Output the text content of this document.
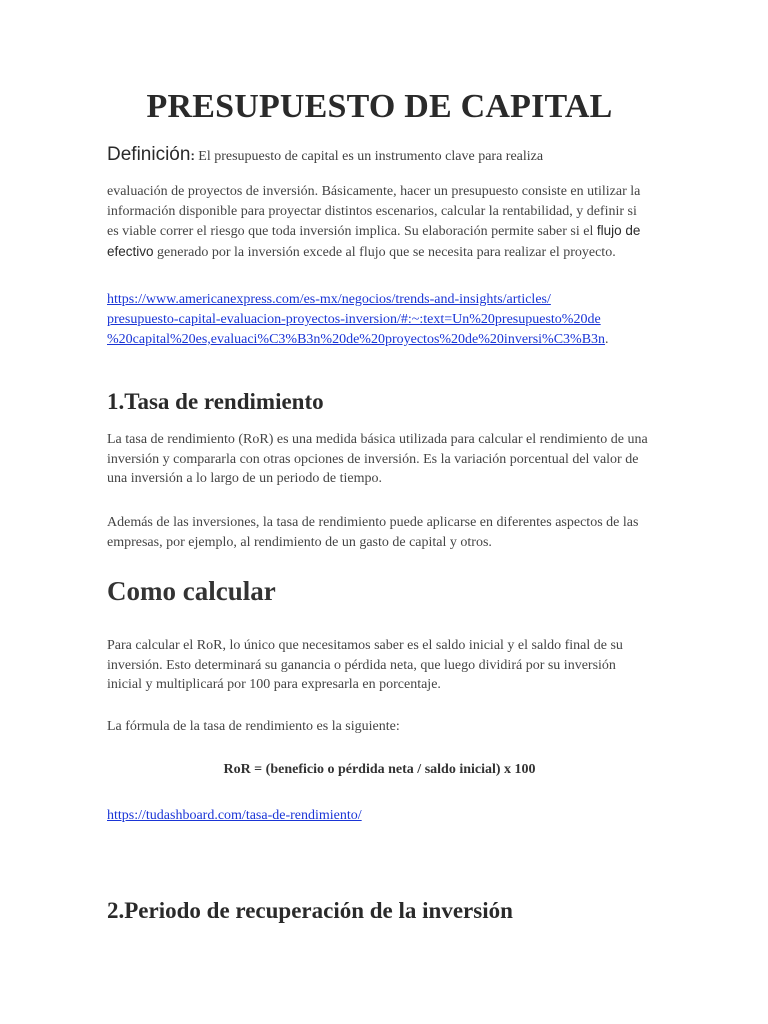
PRESUPUESTO DE CAPITAL
Definición: El presupuesto de capital es un instrumento clave para realiza

evaluación de proyectos de inversión. Básicamente, hacer un presupuesto consiste en utilizar la información disponible para proyectar distintos escenarios, calcular la rentabilidad, y definir si es viable correr el riesgo que toda inversión implica. Su elaboración permite saber si el flujo de efectivo generado por la inversión excede al flujo que se necesita para realizar el proyecto.

https://www.americanexpress.com/es-mx/negocios/trends-and-insights/articles/
presupuesto-capital-evaluacion-proyectos-inversion/#:~:text=Un%20presupuesto%20de
%20capital%20es,evaluaci%C3%B3n%20de%20proyectos%20de%20inversi%C3%B3n.

1.Tasa de rendimiento

La tasa de rendimiento (RoR) es una medida básica utilizada para calcular el rendimiento de una inversión y compararla con otras opciones de inversión. Es la variación porcentual del valor de una inversión a lo largo de un periodo de tiempo.

Además de las inversiones, la tasa de rendimiento puede aplicarse en diferentes aspectos de las empresas, por ejemplo, al rendimiento de un gasto de capital y otros.

Como calcular

Para calcular el RoR, lo único que necesitamos saber es el saldo inicial y el saldo final de su inversión. Esto determinará su ganancia o pérdida neta, que luego dividirá por su inversión inicial y multiplicará por 100 para expresarla en porcentaje.

La fórmula de la tasa de rendimiento es la siguiente:

RoR = (beneficio o pérdida neta / saldo inicial) x 100

https://tudashboard.com/tasa-de-rendimiento/

2.Periodo de recuperación de la inversión
